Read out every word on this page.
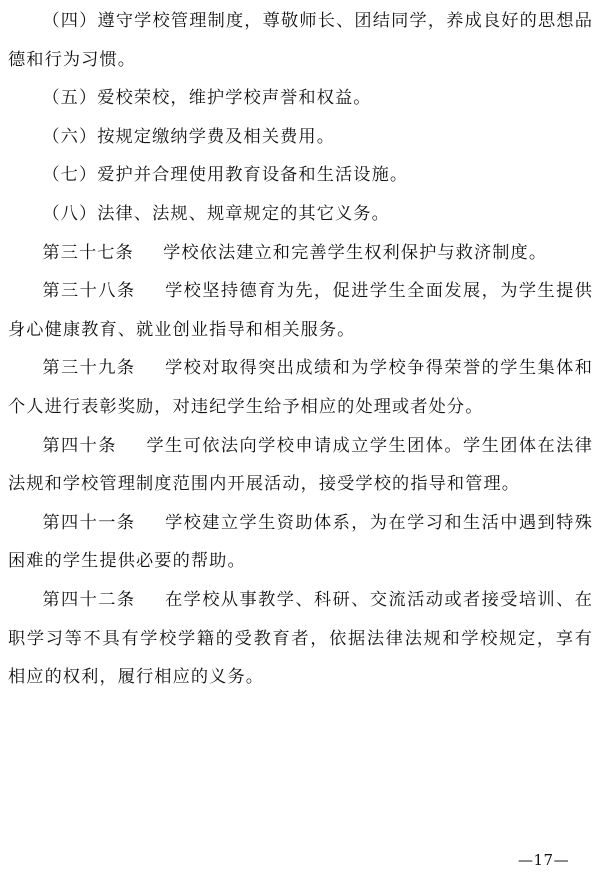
（四）遵守学校管理制度，尊敬师长、团结同学，养成良好的思想品德和行为习惯。

（五）爱校荣校，维护学校声誉和权益。

（六）按规定缴纳学费及相关费用。

（七）爱护并合理使用教育设备和生活设施。

（八）法律、法规、规章规定的其它义务。

第三十七条 学校依法建立和完善学生权利保护与救济制度。

第三十八条 学校坚持德育为先，促进学生全面发展，为学生提供身心健康教育、就业创业指导和相关服务。

第三十九条 学校对取得突出成绩和为学校争得荣誉的学生集体和个人进行表彰奖励，对违纪学生给予相应的处理或者处分。

第四十条 学生可依法向学校申请成立学生团体。学生团体在法律法规和学校管理制度范围内开展活动，接受学校的指导和管理。

第四十一条 学校建立学生资助体系，为在学习和生活中遇到特殊困难的学生提供必要的帮助。

第四十二条 在学校从事教学、科研、交流活动或者接受培训、在职学习等不具有学校学籍的受教育者，依据法律法规和学校规定，享有相应的权利，履行相应的义务。

—17—
